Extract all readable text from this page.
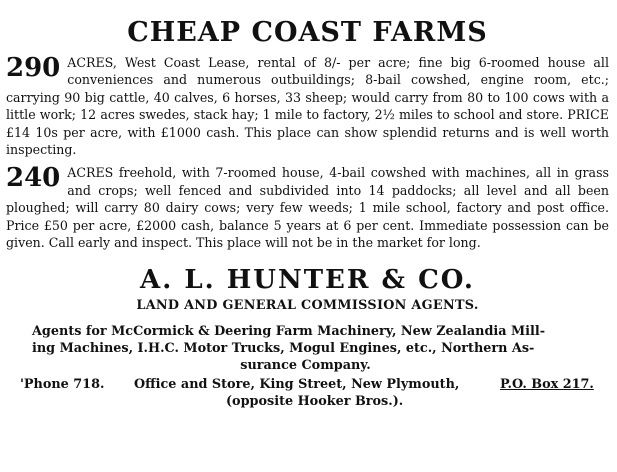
CHEAP COAST FARMS
290 ACRES, West Coast Lease, rental of 8/- per acre; fine big 6-roomed house all conveniences and numerous outbuildings; 8-bail cowshed, engine room, etc.; carrying 90 big cattle, 40 calves, 6 horses, 33 sheep; would carry from 80 to 100 cows with a little work; 12 acres swedes, stack hay; 1 mile to factory, 2½ miles to school and store. PRICE £14 10s per acre, with £1000 cash. This place can show splendid returns and is well worth inspecting.
240 ACRES freehold, with 7-roomed house, 4-bail cowshed with machines, all in grass and crops; well fenced and subdivided into 14 paddocks; all level and all been ploughed; will carry 80 dairy cows; very few weeds; 1 mile school, factory and post office. Price £50 per acre, £2000 cash, balance 5 years at 6 per cent. Immediate possession can be given. Call early and inspect. This place will not be in the market for long.
A. L. HUNTER & CO.
LAND AND GENERAL COMMISSION AGENTS.
Agents for McCormick & Deering Farm Machinery, New Zealandia Mill-
ing Machines, I.H.C. Motor Trucks, Mogul Engines, etc., Northern As-
surance Company.
'Phone 718. Office and Store, King Street, New Plymouth,	P.O. Box 217.
(opposite Hooker Bros.).
